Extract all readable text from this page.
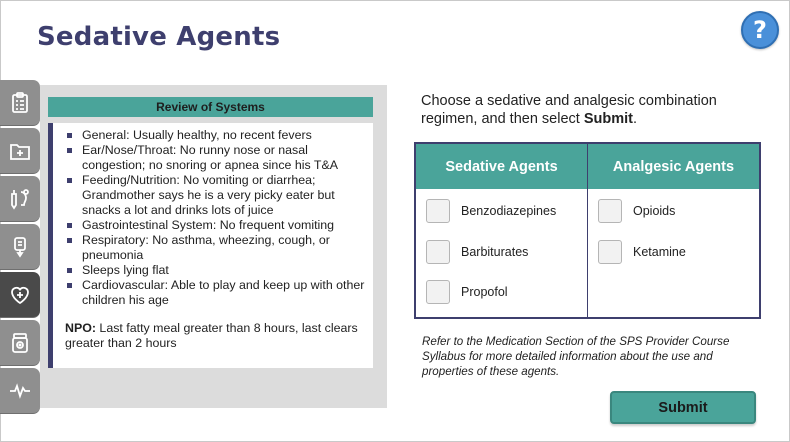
Sedative Agents	?
Review of Systems
General: Usually healthy, no recent fevers
Ear/Nose/Throat: No runny nose or nasal congestion; no snoring or apnea since his T&A
Feeding/Nutrition: No vomiting or diarrhea; Grandmother says he is a very picky eater but snacks a lot and drinks lots of juice
Gastrointestinal System: No frequent vomiting
Respiratory: No asthma, wheezing, cough, or pneumonia
Sleeps lying flat
Cardiovascular: Able to play and keep up with other children his age

NPO: Last fatty meal greater than 8 hours, last clears greater than 2 hours

Choose a sedative and analgesic combination regimen, and then select Submit.

Sedative Agents
Benzodiazepines
Barbiturates
Propofol
Analgesic Agents
Opioids
Ketamine

Refer to the Medication Section of the SPS Provider Course Syllabus for more detailed information about the use and properties of these agents.

Submit
